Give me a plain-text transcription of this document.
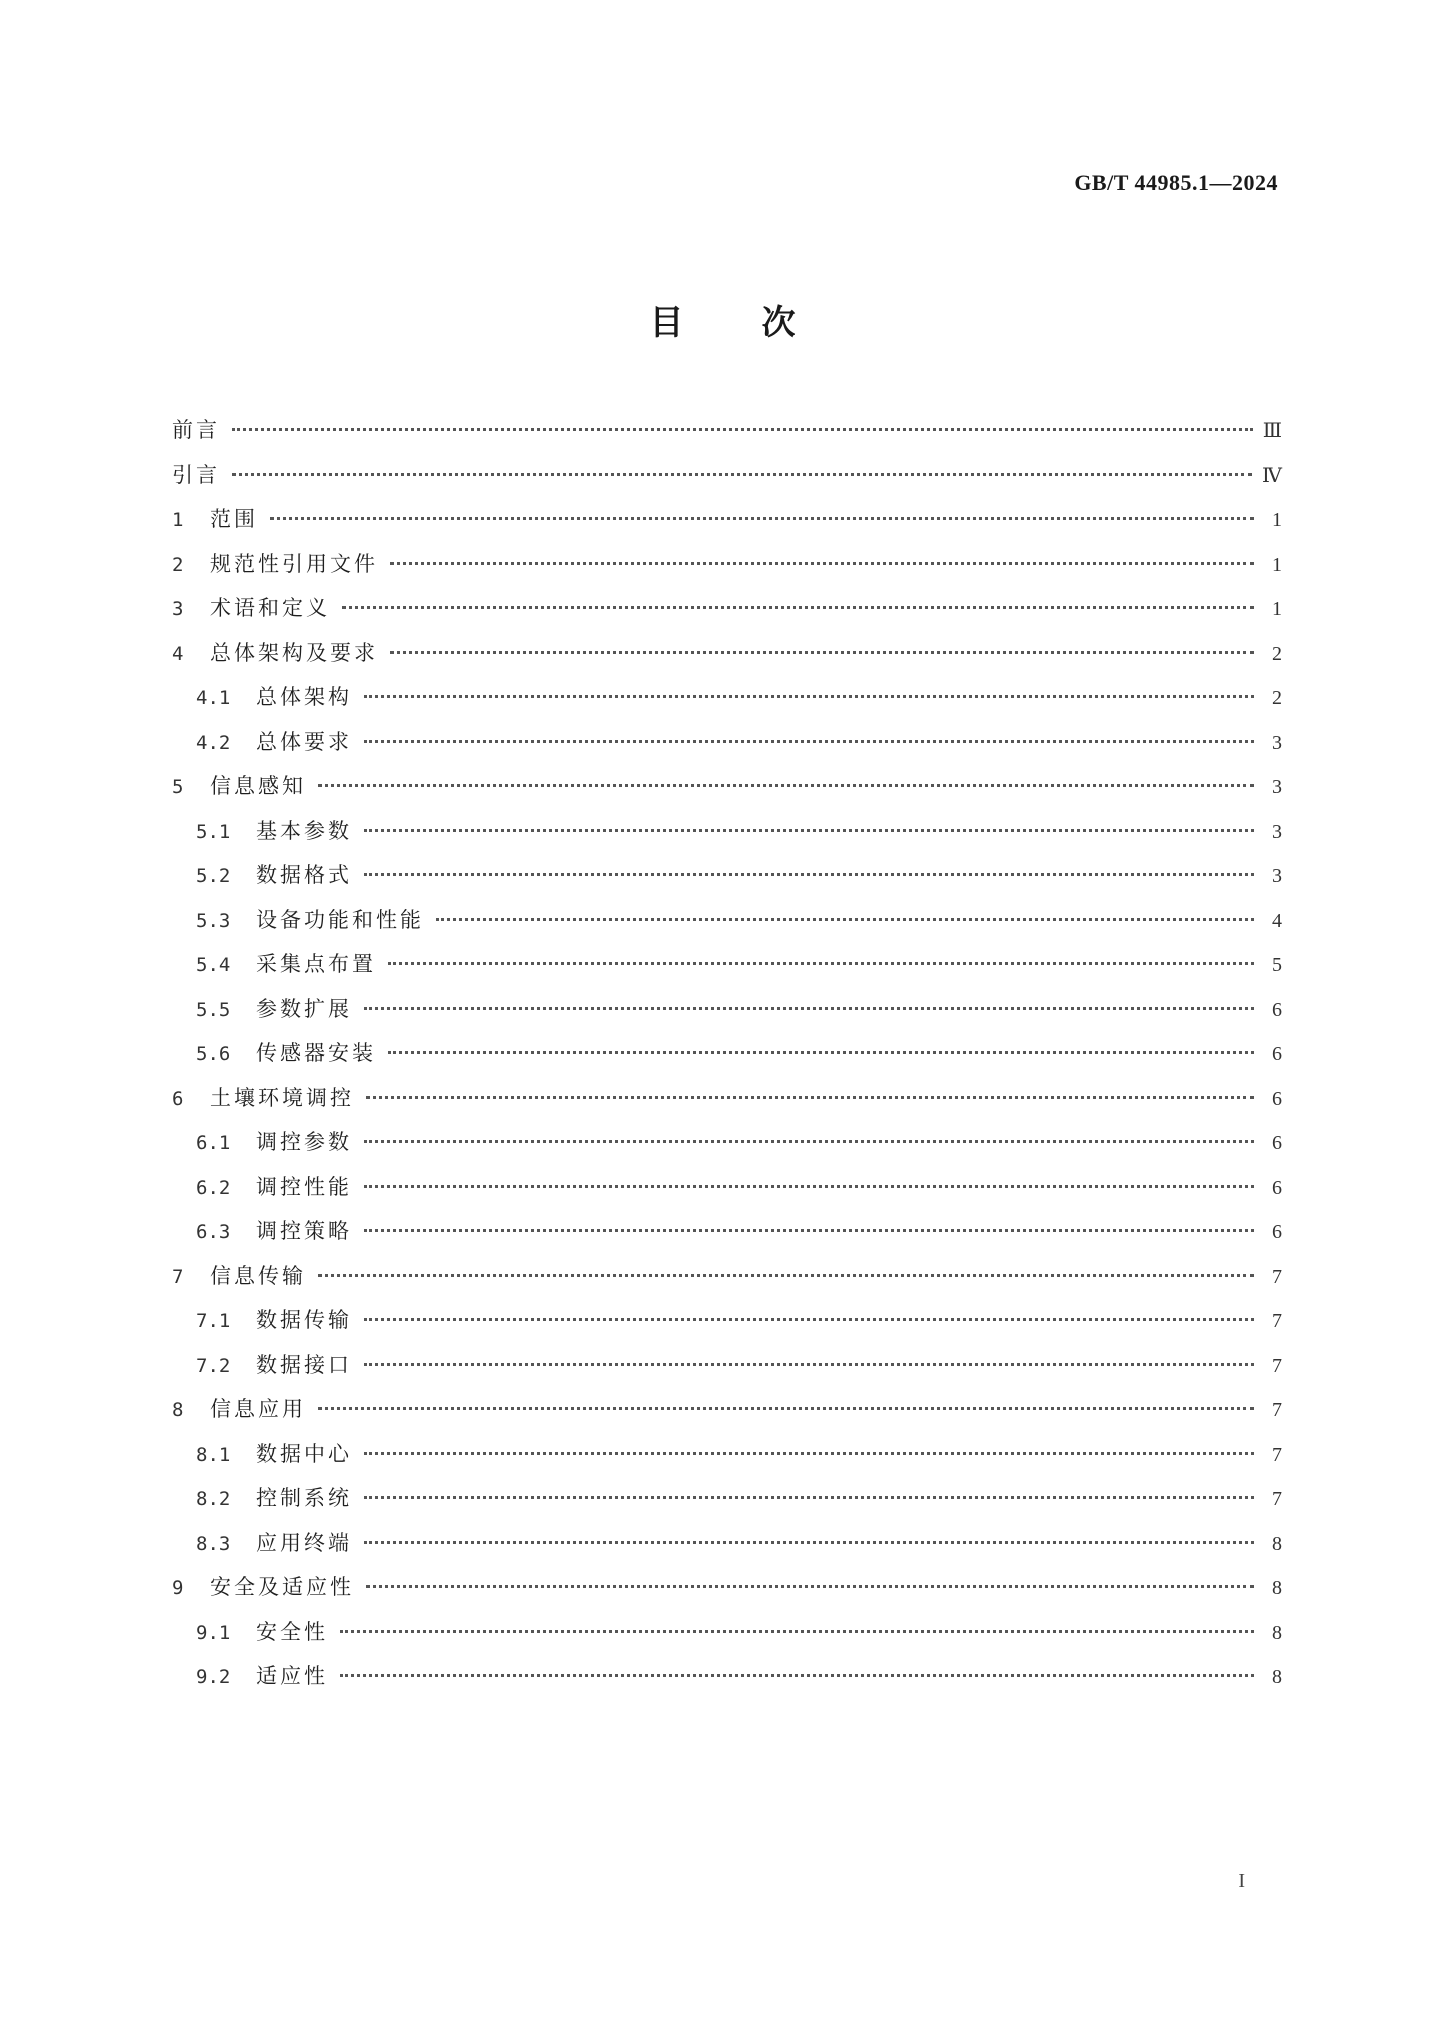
GB/T 44985.1—2024
目次
前言	Ⅲ
引言	Ⅳ
1	范围	1
2	规范性引用文件	1
3	术语和定义	1
4	总体架构及要求	2
4.1	总体架构	2
4.2	总体要求	3
5	信息感知	3
5.1	基本参数	3
5.2	数据格式	3
5.3	设备功能和性能	4
5.4	采集点布置	5
5.5	参数扩展	6
5.6	传感器安装	6
6	土壤环境调控	6
6.1	调控参数	6
6.2	调控性能	6
6.3	调控策略	6
7	信息传输	7
7.1	数据传输	7
7.2	数据接口	7
8	信息应用	7
8.1	数据中心	7
8.2	控制系统	7
8.3	应用终端	8
9	安全及适应性	8
9.1	安全性	8
9.2	适应性	8
I
